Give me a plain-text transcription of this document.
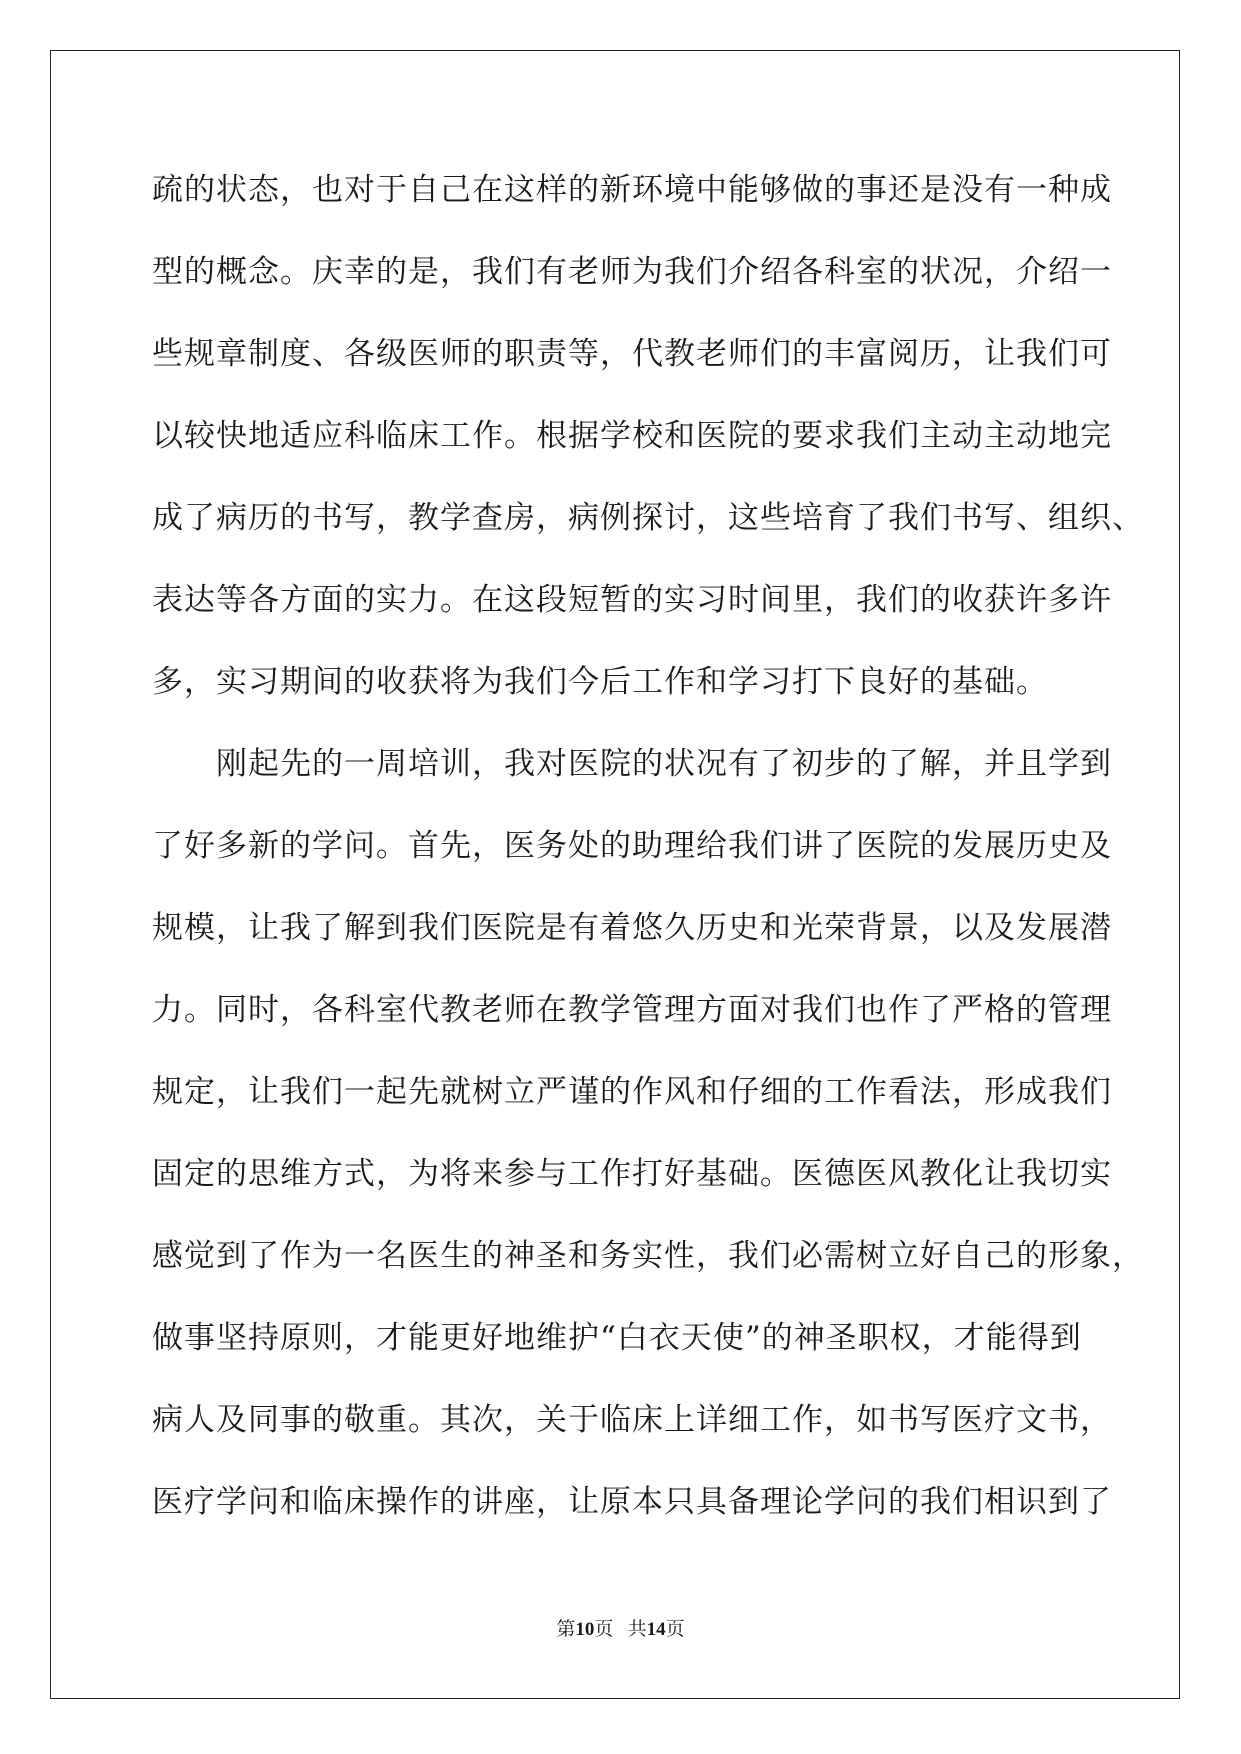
疏的状态，也对于自己在这样的新环境中能够做的事还是没有一种成
型的概念。庆幸的是，我们有老师为我们介绍各科室的状况，介绍一
些规章制度、各级医师的职责等，代教老师们的丰富阅历，让我们可
以较快地适应科临床工作。根据学校和医院的要求我们主动主动地完
成了病历的书写，教学查房，病例探讨，这些培育了我们书写、组织、
表达等各方面的实力。在这段短暂的实习时间里，我们的收获许多许
多，实习期间的收获将为我们今后工作和学习打下良好的基础。
　　刚起先的一周培训，我对医院的状况有了初步的了解，并且学到
了好多新的学问。首先，医务处的助理给我们讲了医院的发展历史及
规模，让我了解到我们医院是有着悠久历史和光荣背景，以及发展潜
力。同时，各科室代教老师在教学管理方面对我们也作了严格的管理
规定，让我们一起先就树立严谨的作风和仔细的工作看法，形成我们
固定的思维方式，为将来参与工作打好基础。医德医风教化让我切实
感觉到了作为一名医生的神圣和务实性，我们必需树立好自己的形象，
做事坚持原则，才能更好地维护“白衣天使”的神圣职权，才能得到
病人及同事的敬重。其次，关于临床上详细工作，如书写医疗文书，
医疗学问和临床操作的讲座，让原本只具备理论学问的我们相识到了
第10页 共14页
